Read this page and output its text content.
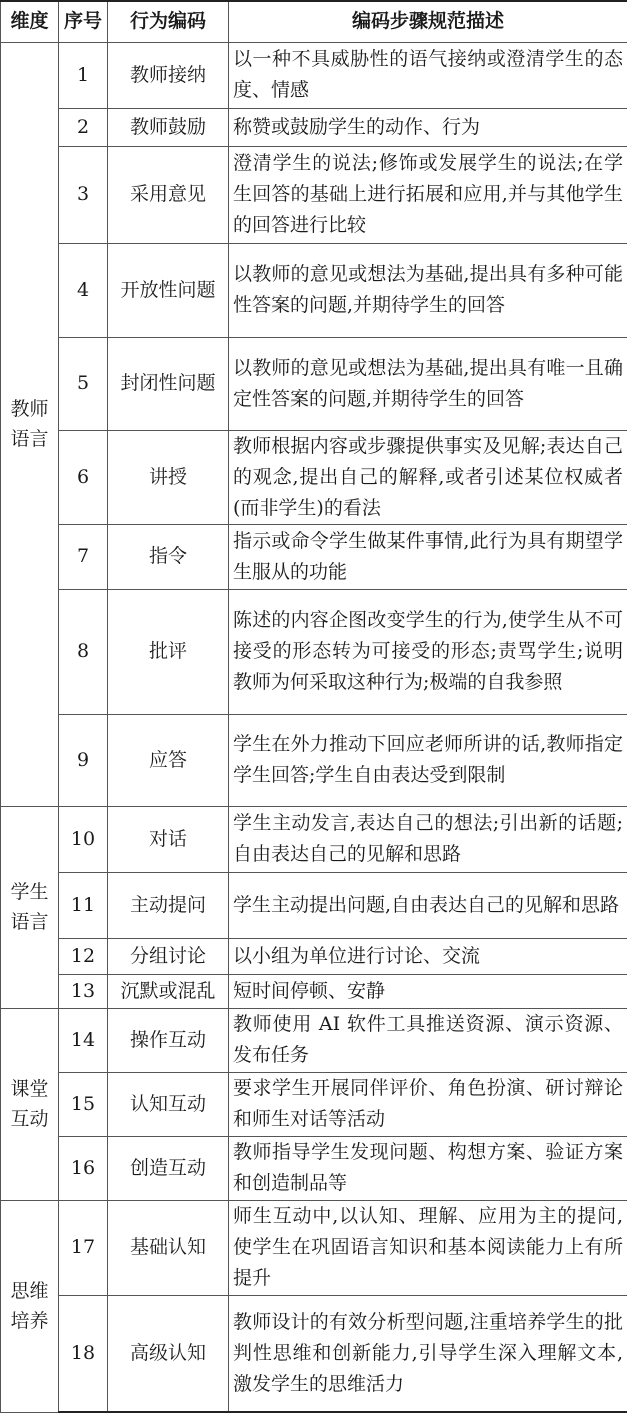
维度	序号	行为编码	编码步骤规范描述
教师语言	1	教师接纳	以一种不具威胁性的语气接纳或澄清学生的态度、情感
	2	教师鼓励	称赞或鼓励学生的动作、行为
	3	采用意见	澄清学生的说法;修饰或发展学生的说法;在学生回答的基础上进行拓展和应用,并与其他学生的回答进行比较
	4	开放性问题	以教师的意见或想法为基础,提出具有多种可能性答案的问题,并期待学生的回答
	5	封闭性问题	以教师的意见或想法为基础,提出具有唯一且确定性答案的问题,并期待学生的回答
	6	讲授	教师根据内容或步骤提供事实及见解;表达自己的观念,提出自己的解释,或者引述某位权威者(而非学生)的看法
	7	指令	指示或命令学生做某件事情,此行为具有期望学生服从的功能
	8	批评	陈述的内容企图改变学生的行为,使学生从不可接受的形态转为可接受的形态;责骂学生;说明教师为何采取这种行为;极端的自我参照
	9	应答	学生在外力推动下回应老师所讲的话,教师指定学生回答;学生自由表达受到限制
学生语言	10	对话	学生主动发言,表达自己的想法;引出新的话题;自由表达自己的见解和思路
	11	主动提问	学生主动提出问题,自由表达自己的见解和思路
	12	分组讨论	以小组为单位进行讨论、交流
	13	沉默或混乱	短时间停顿、安静
课堂互动	14	操作互动	教师使用 AI 软件工具推送资源、演示资源、发布任务
	15	认知互动	要求学生开展同伴评价、角色扮演、研讨辩论和师生对话等活动
	16	创造互动	教师指导学生发现问题、构想方案、验证方案和创造制品等
思维培养	17	基础认知	师生互动中,以认知、理解、应用为主的提问,使学生在巩固语言知识和基本阅读能力上有所提升
	18	高级认知	教师设计的有效分析型问题,注重培养学生的批判性思维和创新能力,引导学生深入理解文本,激发学生的思维活力
